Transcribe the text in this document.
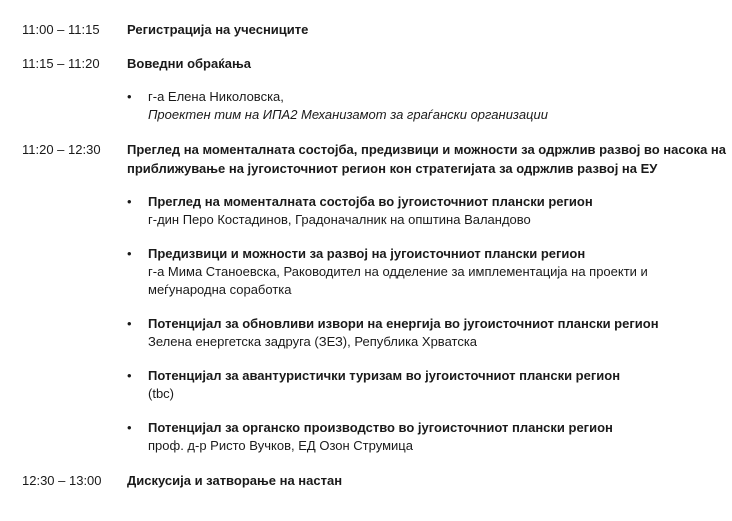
11:00 – 11:15	Регистрација на учесниците
11:15 – 11:20	Воведни обраќања
•	г-а Елена Николовска,
Проектен тим на ИПА2 Механизамот за граѓански организации
11:20 – 12:30	Преглед на моменталната состојба, предизвици и можности за одржлив развој во насока на приближување на југоисточниот регион кон стратегијата за одржлив развој на ЕУ
•	Преглед на моменталната состојба во југоисточниот плански регион
г-дин Перо Костадинов, Градоначалник на општина Валандово
•	Предизвици и можности за развој на југоисточниот плански регион
г-а Мима Станоевска, Раководител на одделение за имплементација на проекти и меѓународна соработка
•	Потенцијал за обновливи извори на енергија во југоисточниот плански регион
Зелена енергетска задруга (ЗЕЗ), Република Хрватска
•	Потенцијал за авантуристички туризам во југоисточниот плански регион
(tbc)
•	Потенцијал за органско производство во југоисточниот плански регион
проф. д-р Ристо Вучков, ЕД Озон Струмица
12:30 – 13:00	Дискусија и затворање на настан
